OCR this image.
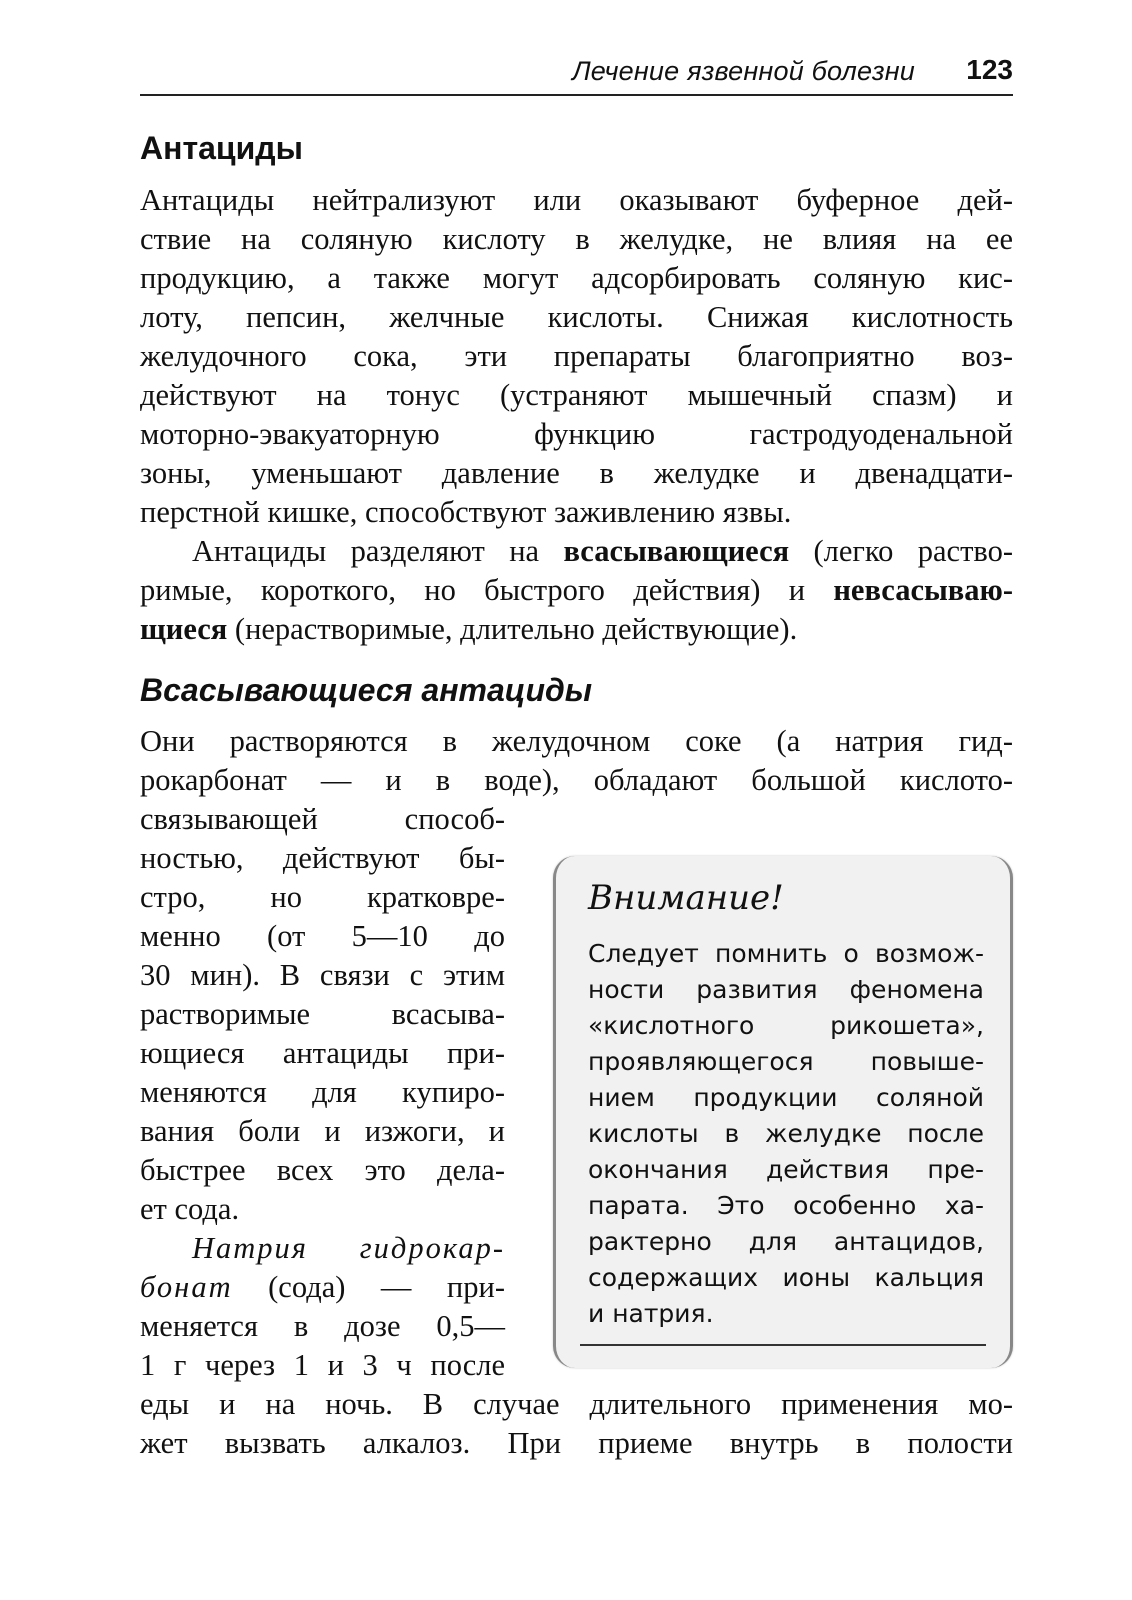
Лечение язвенной болезни 123
Антациды
Антациды нейтрализуют или оказывают буферное дей-
ствие на соляную кислоту в желудке, не влияя на ее
продукцию, а также могут адсорбировать соляную кис-
лоту, пепсин, желчные кислоты. Снижая кислотность
желудочного сока, эти препараты благоприятно воз-
действуют на тонус (устраняют мышечный спазм) и
моторно-эвакуаторную функцию гастродуоденальной
зоны, уменьшают давление в желудке и двенадцати-
перстной кишке, способствуют заживлению язвы.
Антациды разделяют на всасывающиеся (легко раство-
римые, короткого, но быстрого действия) и невсасываю-
щиеся (нерастворимые, длительно действующие).
Всасывающиеся антациды
Они растворяются в желудочном соке (а натрия гид-
рокарбонат — и в воде), обладают большой кислото-
связывающей способ-
ностью, действуют бы-
стро, но кратковре-
менно (от 5—10 до
30 мин). В связи с этим
растворимые всасыва-
ющиеся антациды при-
меняются для купиро-
вания боли и изжоги, и
быстрее всех это дела-
ет сода.
Натрия гидрокар-
бонат (сода) — при-
меняется в дозе 0,5—
1 г через 1 и 3 ч после
еды и на ночь. В случае длительного применения мо-
жет вызвать алкалоз. При приеме внутрь в полости
Внимание!
Следует помнить о возмож-
ности развития феномена
«кислотного рикошета»,
проявляющегося повыше-
нием продукции соляной
кислоты в желудке после
окончания действия пре-
парата. Это особенно ха-
рактерно для антацидов,
содержащих ионы кальция
и натрия.
